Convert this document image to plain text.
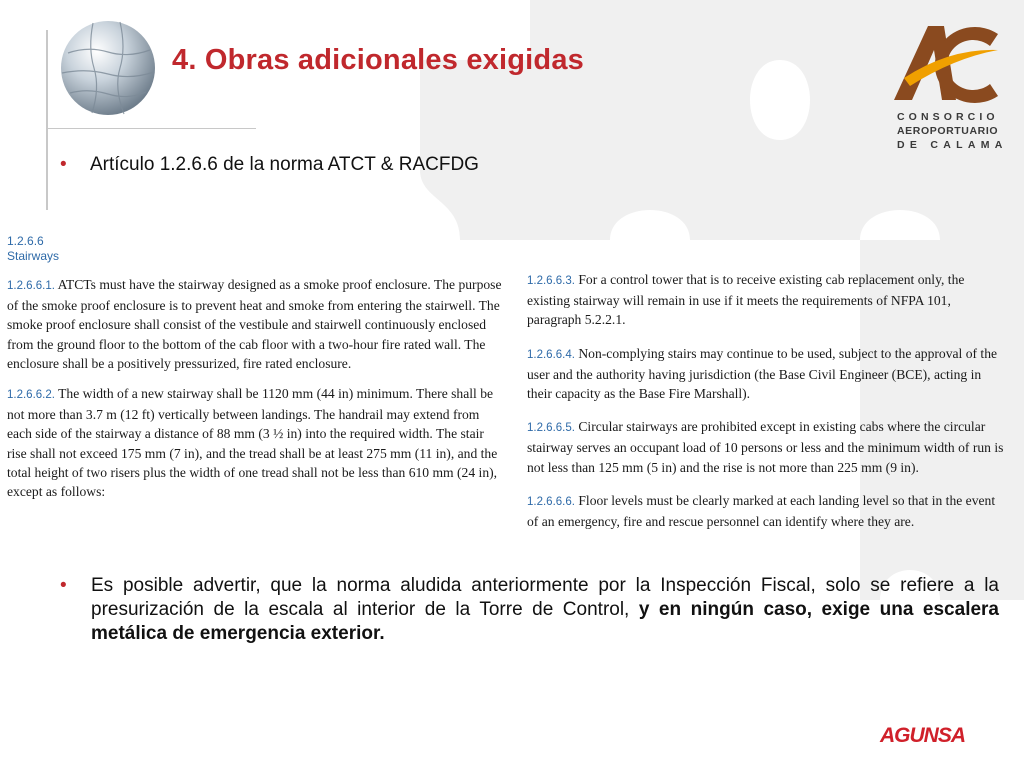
4. Obras adicionales exigidas
CONSORCIO
AEROPORTUARIO
DE CALAMA
• Artículo 1.2.6.6 de la norma ATCT & RACFDG
1.2.6.6
Stairways

1.2.6.6.1. ATCTs must have the stairway designed as a smoke proof enclosure. The purpose of the smoke proof enclosure is to prevent heat and smoke from entering the stairwell. The smoke proof enclosure shall consist of the vestibule and stairwell continuously enclosed from the ground floor to the bottom of the cab floor with a two-hour fire rated wall. The enclosure shall be a positively pressurized, fire rated enclosure.

1.2.6.6.2. The width of a new stairway shall be 1120 mm (44 in) minimum. There shall be not more than 3.7 m (12 ft) vertically between landings. The handrail may extend from each side of the stairway a distance of 88 mm (3 ½ in) into the required width. The stair rise shall not exceed 175 mm (7 in), and the tread shall be at least 275 mm (11 in), and the total height of two risers plus the width of one tread shall not be less than 610 mm (24 in), except as follows:

1.2.6.6.3. For a control tower that is to receive existing cab replacement only, the existing stairway will remain in use if it meets the requirements of NFPA 101, paragraph 5.2.2.1.

1.2.6.6.4. Non-complying stairs may continue to be used, subject to the approval of the user and the authority having jurisdiction (the Base Civil Engineer (BCE), acting in their capacity as the Base Fire Marshall).

1.2.6.6.5. Circular stairways are prohibited except in existing cabs where the circular stairway serves an occupant load of 10 persons or less and the minimum width of run is not less than 125 mm (5 in) and the rise is not more than 225 mm (9 in).

1.2.6.6.6. Floor levels must be clearly marked at each landing level so that in the event of an emergency, fire and rescue personnel can identify where they are.

• Es posible advertir, que la norma aludida anteriormente por la Inspección Fiscal, solo se refiere a la presurización de la escala al interior de la Torre de Control, y en ningún caso, exige una escalera metálica de emergencia exterior.
AGUNSA
